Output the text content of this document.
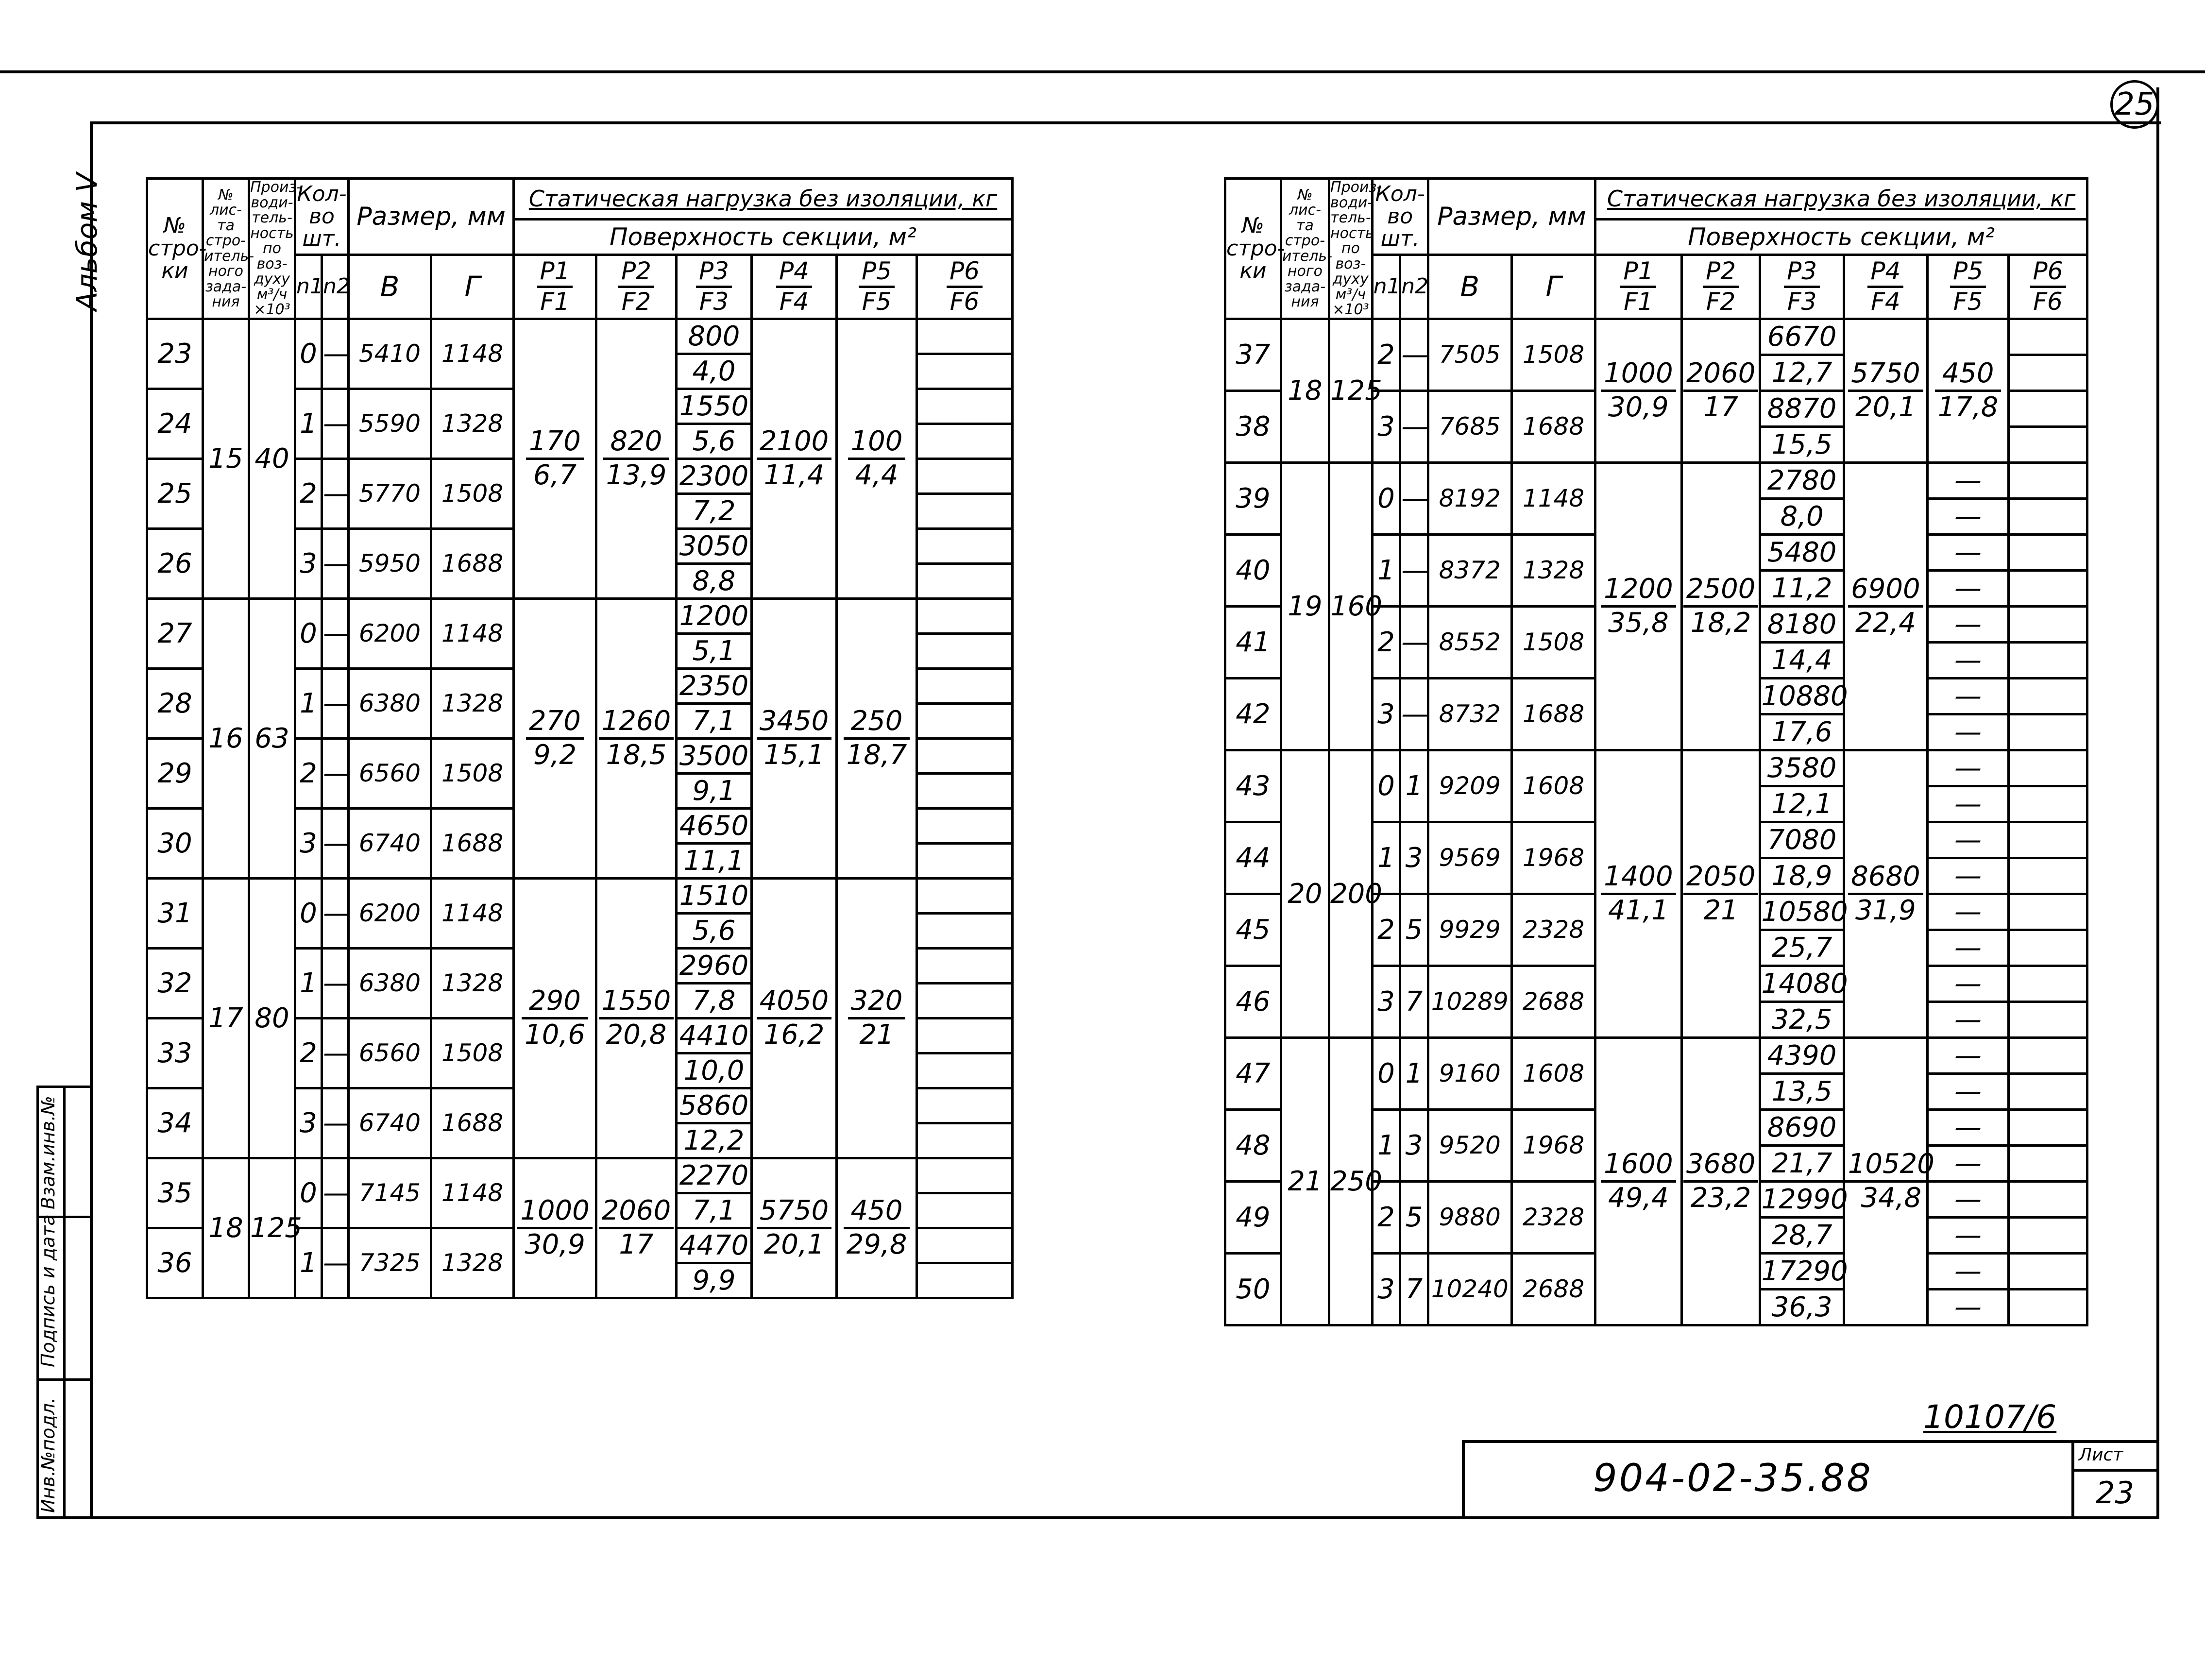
25
Альбом V
Взам.инв.№
Подпись и дата
Инв.№подл.	10107/6
904-02-35.88
Лист
23
№ стро-ки	№ лис-та стро-итель-ного зада-ния	Произ-води-тель-ность по воз-духу м³/ч ×10³	Кол-во шт.		Размер, мм		Статическая нагрузка без изоляции, кг					
							Поверхность секции, м²					
			n1	n2	В	Г	$\frac{P1}{F1}$	$\frac{P2}{F2}$	$\frac{P3}{F3}$	$\frac{P4}{F4}$	$\frac{P5}{F5}$	$\frac{P6}{F6}$

23	15	40	0	—	5410	1148	$\frac{170}{6,7}$	$\frac{820}{13,9}$	800	$\frac{2100}{11,4}$	$\frac{100}{4,4}$

									4,0			
24			1	—	5590	1328			1550			
									5,6			
25			2	—	5770	1508			2300			
									7,2			
26			3	—	5950	1688			3050			
									8,8			
27	16	63	0	—	6200	1148	$\frac{270}{9,2}$	$\frac{1260}{18,5}$	1200	$\frac{3450}{15,1}$	$\frac{250}{18,7}$

									5,1			
28			1	—	6380	1328			2350			
									7,1			
29			2	—	6560	1508			3500			
									9,1			
30			3	—	6740	1688			4650			
									11,1			
31	17	80	0	—	6200	1148	$\frac{290}{10,6}$	$\frac{1550}{20,8}$	1510	$\frac{4050}{16,2}$	$\frac{320}{21}$

									5,6			
32			1	—	6380	1328			2960			
									7,8			
33			2	—	6560	1508			4410			
									10,0			
34			3	—	6740	1688			5860			
									12,2			
35	18	125	0	—	7145	1148	$\frac{1000}{30,9}$	$\frac{2060}{17}$	2270	$\frac{5750}{20,1}$	$\frac{450}{29,8}$

									7,1			
36			1	—	7325	1328			4470			
									9,9			
№ стро-ки	№ лис-та стро-итель-ного зада-ния	Произ-води-тель-ность по воз-духу м³/ч ×10³	Кол-во шт.		Размер, мм		Статическая нагрузка без изоляции, кг					
							Поверхность секции, м²					
			n1	n2	В	Г	$\frac{P1}{F1}$	$\frac{P2}{F2}$	$\frac{P3}{F3}$	$\frac{P4}{F4}$	$\frac{P5}{F5}$	$\frac{P6}{F6}$

37	18	125	2	—	7505	1508	$\frac{1000}{30,9}$	$\frac{2060}{17}$	6670	$\frac{5750}{20,1}$	$\frac{450}{17,8}$

									12,7			
38			3	—	7685	1688			8870			
									15,5			
39	19	160	0	—	8192	1148	$\frac{1200}{35,8}$	$\frac{2500}{18,2}$	2780	$\frac{6900}{22,4}$	—	
									8,0		—	
40			1	—	8372	1328			5480		—	
									11,2		—	
41			2	—	8552	1508			8180		—	
									14,4		—	
42			3	—	8732	1688			10880		—	
									17,6		—	
43	20	200	0	1	9209	1608	$\frac{1400}{41,1}$	$\frac{2050}{21}$	3580	$\frac{8680}{31,9}$	—	
									12,1		—	
44			1	3	9569	1968			7080		—	
									18,9		—	
45			2	5	9929	2328			10580		—	
									25,7		—	
46			3	7	10289	2688			14080		—	
									32,5		—	
47	21	250	0	1	9160	1608	$\frac{1600}{49,4}$	$\frac{3680}{23,2}$	4390	$\frac{10520}{34,8}$	—	
									13,5		—	
48			1	3	9520	1968			8690		—	
									21,7		—	
49			2	5	9880	2328			12990		—	
									28,7		—	
50			3	7	10240	2688			17290		—	
									36,3		—	
